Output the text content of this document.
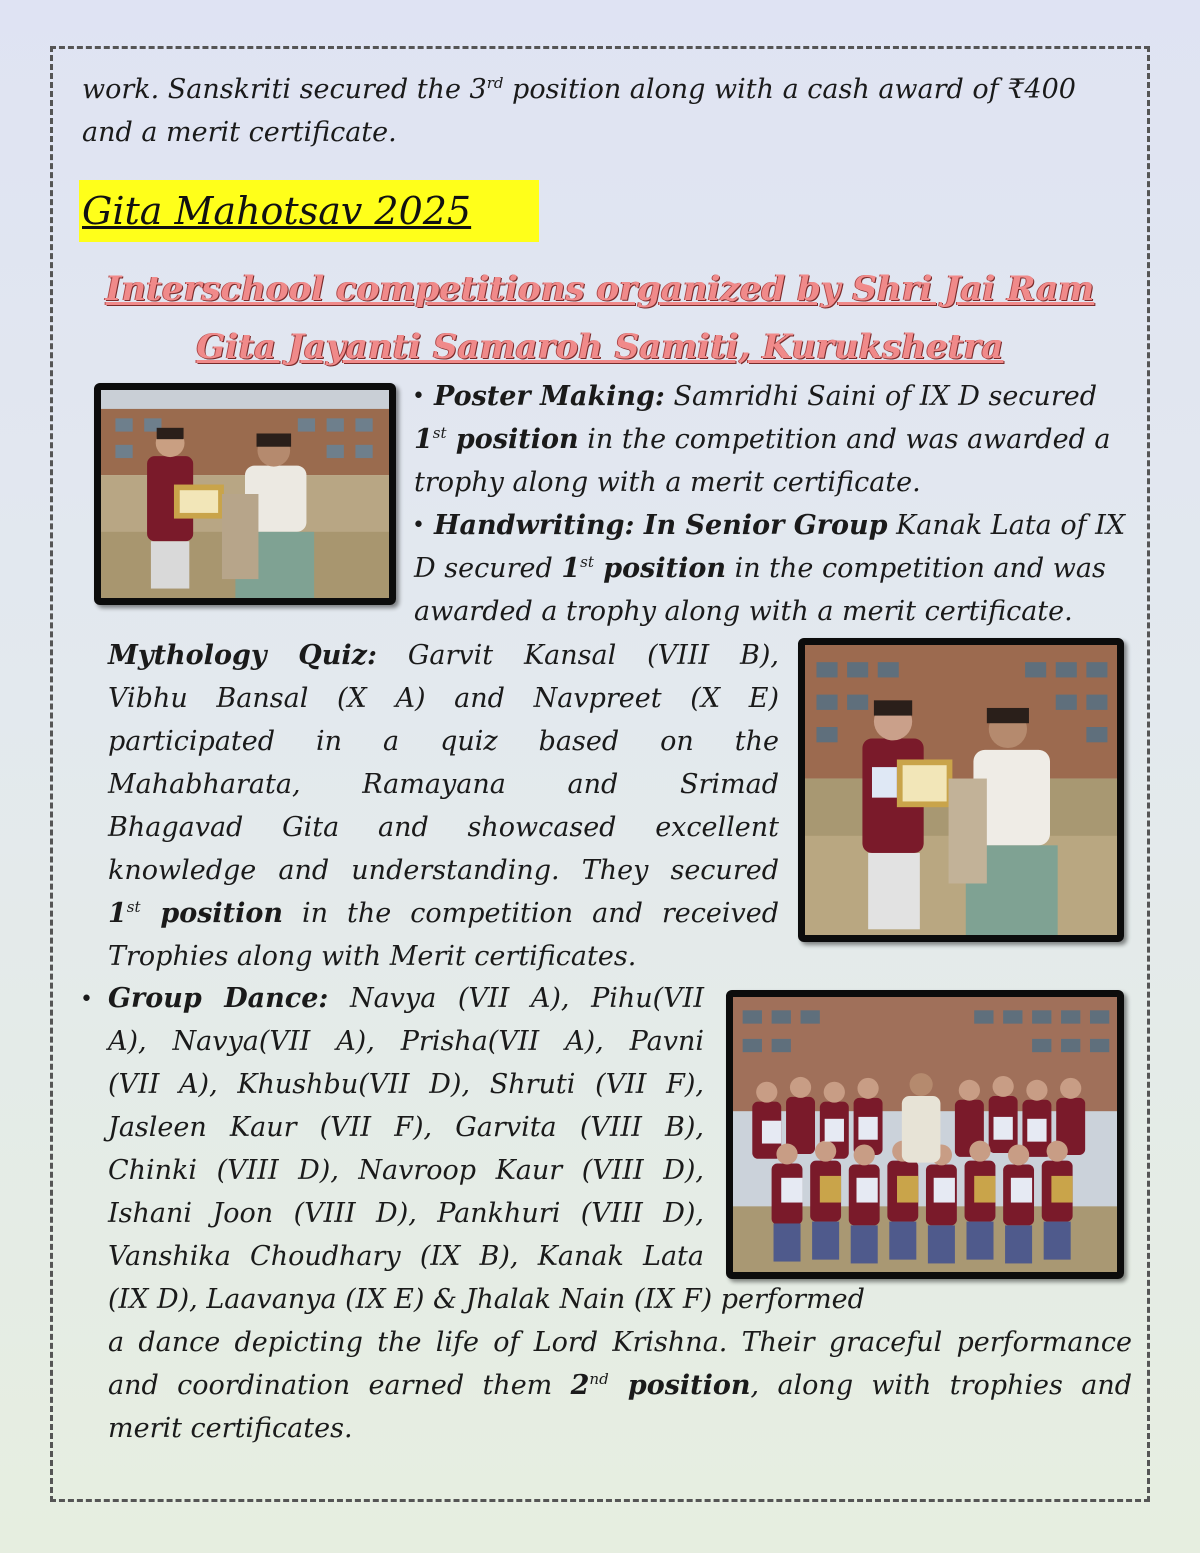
work. Sanskriti secured the 3rd position along with a cash award of ₹400
and a merit certificate.
Gita Mahotsav 2025
Interschool competitions organized by Shri Jai Ram
Gita Jayanti Samaroh Samiti, Kurukshetra
• Poster Making: Samridhi Saini of IX D secured
1st position in the competition and was awarded a
trophy along with a merit certificate.
• Handwriting: In Senior Group Kanak Lata of IX
D secured 1st position in the competition and was
awarded a trophy along with a merit certificate.
Mythology Quiz: Garvit Kansal (VIII B),
Vibhu Bansal (X A) and Navpreet (X E)
participated in a quiz based on the
Mahabharata, Ramayana and Srimad
Bhagavad Gita and showcased excellent
knowledge and understanding. They secured
1st position in the competition and received
Trophies along with Merit certificates.
• Group Dance: Navya (VII A), Pihu(VII
A), Navya(VII A), Prisha(VII A), Pavni
(VII A), Khushbu(VII D), Shruti (VII F),
Jasleen Kaur (VII F), Garvita (VIII B),
Chinki (VIII D), Navroop Kaur (VIII D),
Ishani Joon (VIII D), Pankhuri (VIII D),
Vanshika Choudhary (IX B), Kanak Lata
(IX D), Laavanya (IX E) & Jhalak Nain (IX F) performed
a dance depicting the life of Lord Krishna. Their graceful performance
and coordination earned them 2nd position, along with trophies and
merit certificates.
